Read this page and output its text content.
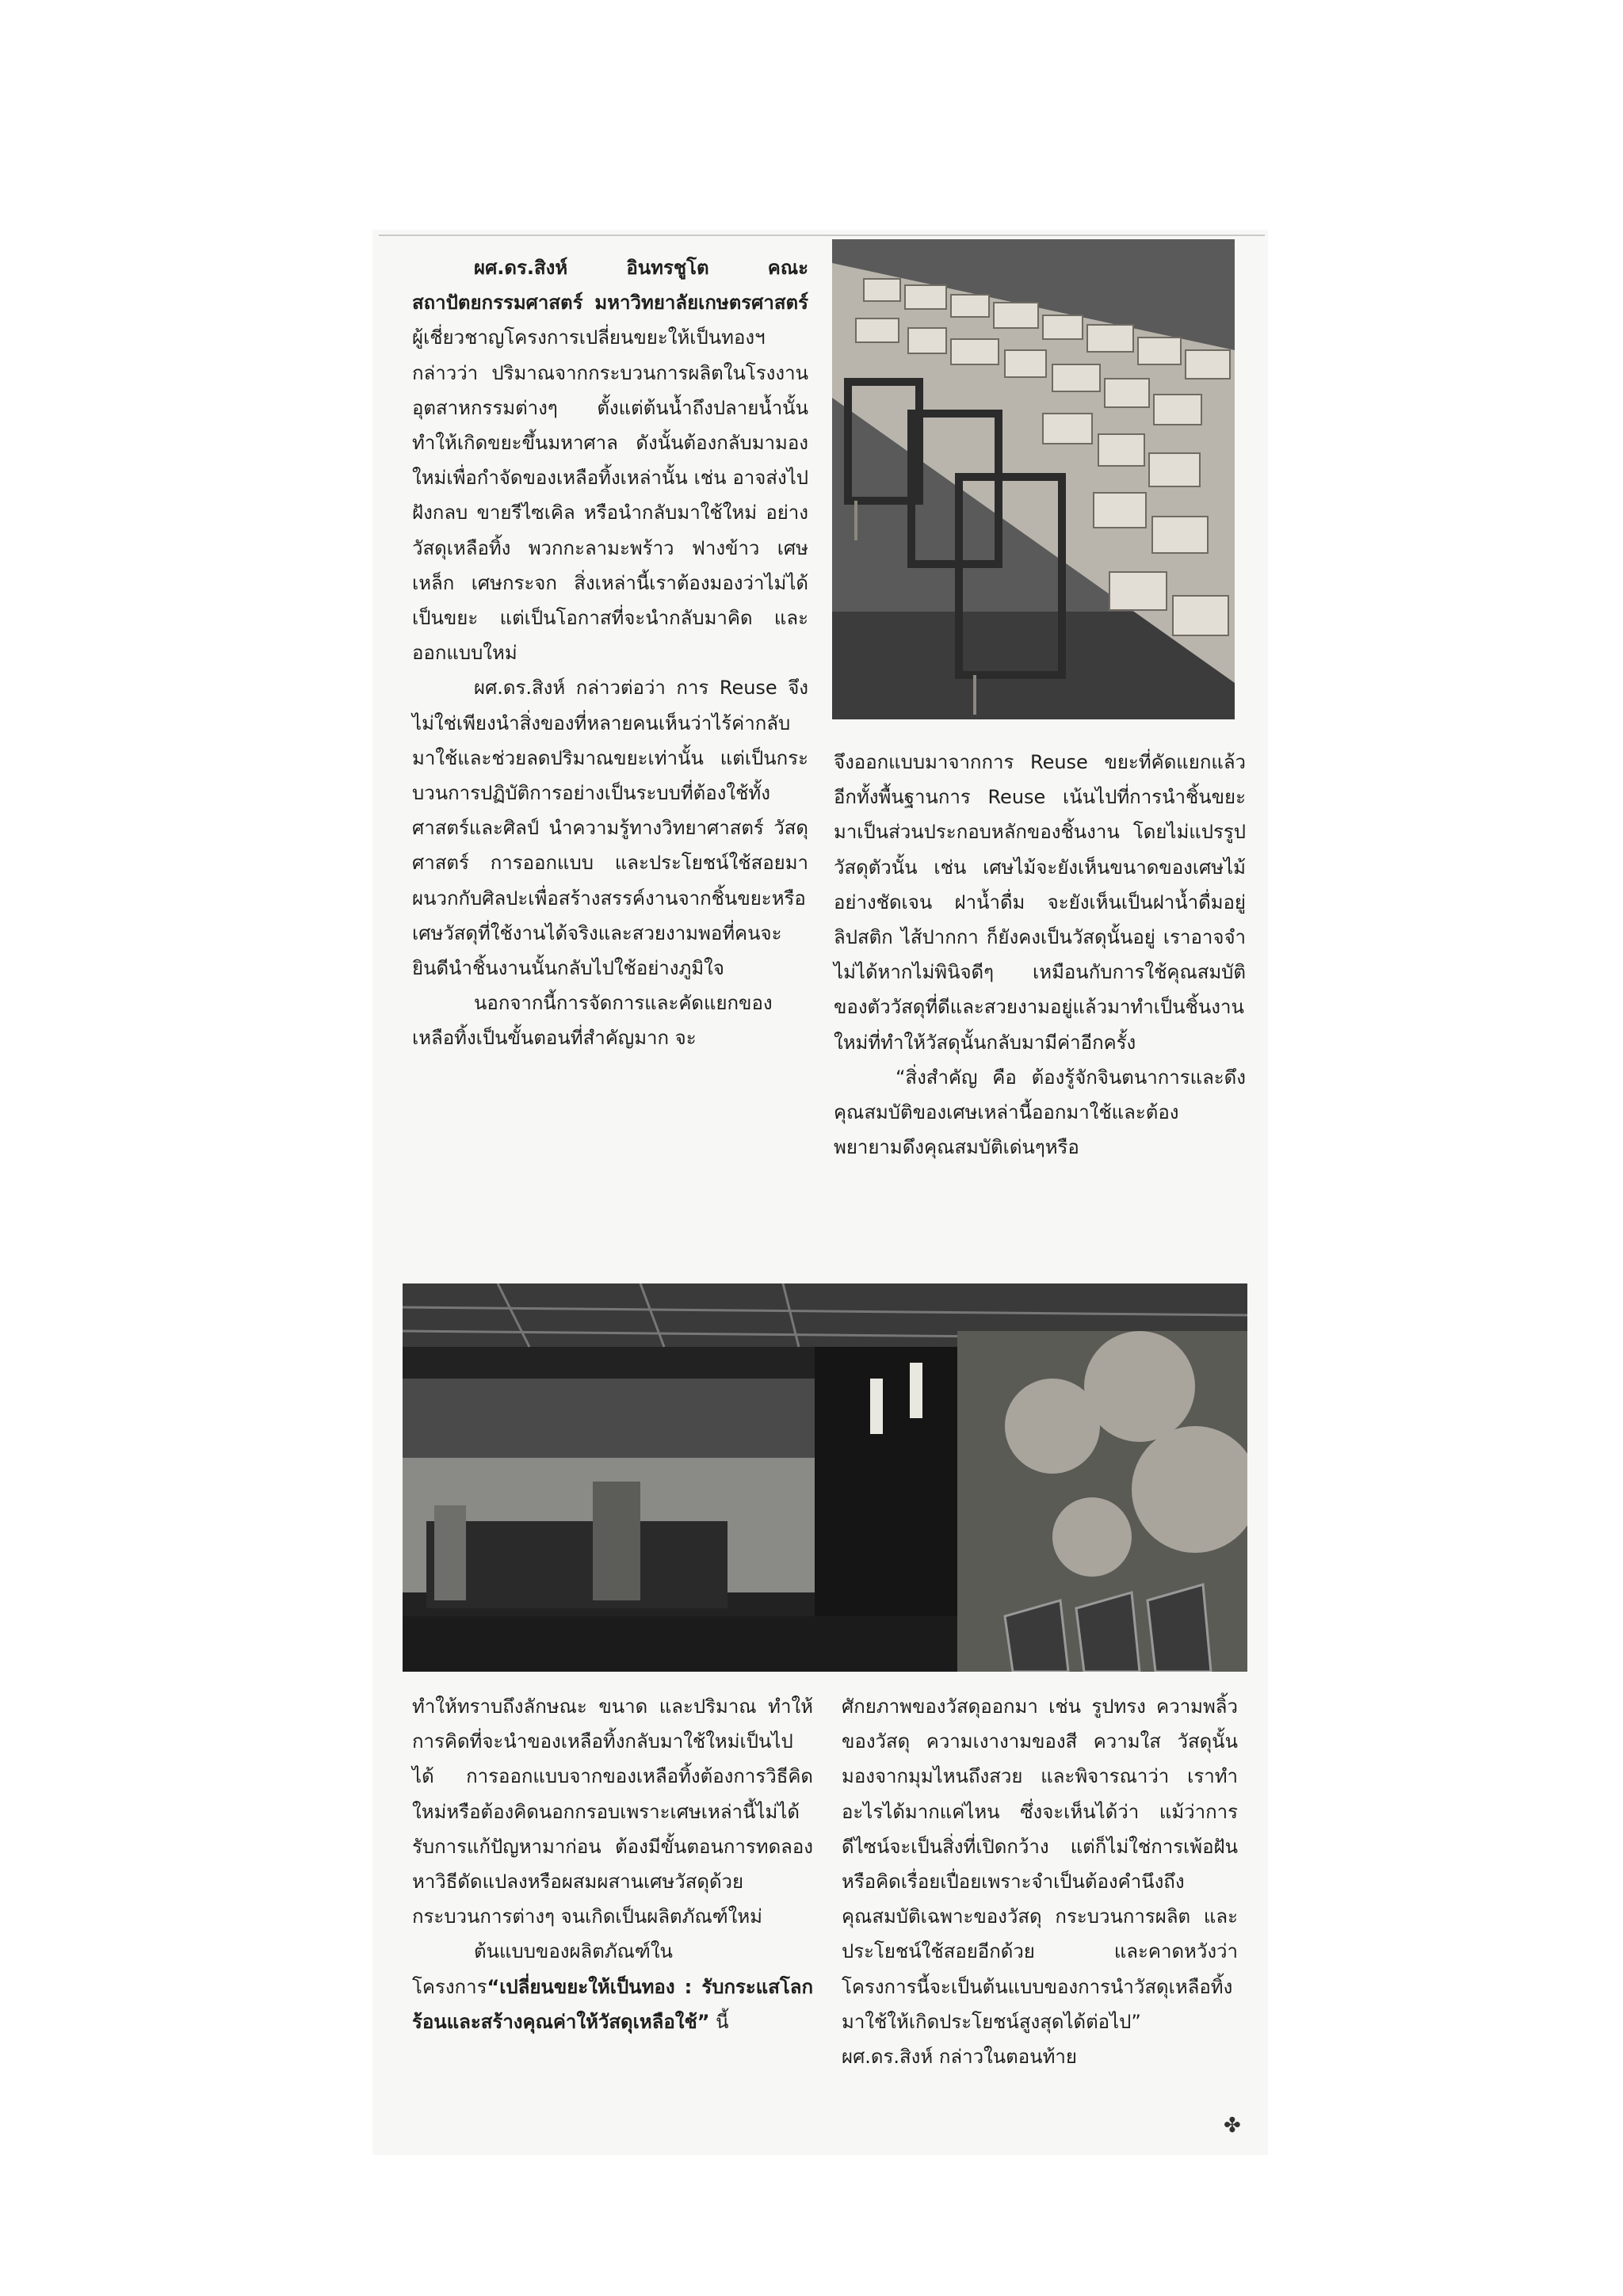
ผศ.ดร.สิงห์ อินทรชูโต คณะสถาปัตยกรรมศาสตร์ มหาวิทยาลัยเกษตรศาสตร์ ผู้เชี่ยวชาญโครงการเปลี่ยนขยะให้เป็นทองฯ กล่าวว่า ปริมาณจากกระบวนการผลิตในโรงงานอุตสาหกรรมต่างๆ ตั้งแต่ต้นน้ำถึงปลายน้ำนั้นทำให้เกิดขยะขึ้นมหาศาล ดังนั้นต้องกลับมามองใหม่เพื่อกำจัดของเหลือทิ้งเหล่านั้น เช่น อาจส่งไปฝังกลบ ขายรีไซเคิล หรือนำกลับมาใช้ใหม่ อย่างวัสดุเหลือทิ้ง พวกกะลามะพร้าว ฟางข้าว เศษเหล็ก เศษกระจก สิ่งเหล่านี้เราต้องมองว่าไม่ได้เป็นขยะ แต่เป็นโอกาสที่จะนำกลับมาคิด และออกแบบใหม่

ผศ.ดร.สิงห์ กล่าวต่อว่า การ Reuse จึงไม่ใช่เพียงนำสิ่งของที่หลายคนเห็นว่าไร้ค่ากลับมาใช้และช่วยลดปริมาณขยะเท่านั้น แต่เป็นกระบวนการปฏิบัติการอย่างเป็นระบบที่ต้องใช้ทั้งศาสตร์และศิลป์ นำความรู้ทางวิทยาศาสตร์ วัสดุศาสตร์ การออกแบบ และประโยชน์ใช้สอยมาผนวกกับศิลปะเพื่อสร้างสรรค์งานจากชิ้นขยะหรือเศษวัสดุที่ใช้งานได้จริงและสวยงามพอที่คนจะยินดีนำชิ้นงานนั้นกลับไปใช้อย่างภูมิใจ

นอกจากนี้การจัดการและคัดแยกของเหลือทิ้งเป็นขั้นตอนที่สำคัญมาก จะ

จึงออกแบบมาจากการ Reuse ขยะที่คัดแยกแล้ว อีกทั้งพื้นฐานการ Reuse เน้นไปที่การนำชิ้นขยะมาเป็นส่วนประกอบหลักของชิ้นงาน โดยไม่แปรรูปวัสดุตัวนั้น เช่น เศษไม้จะยังเห็นขนาดของเศษไม้อย่างชัดเจน ฝาน้ำดื่ม จะยังเห็นเป็นฝาน้ำดื่มอยู่ ลิปสติก ไส้ปากกา ก็ยังคงเป็นวัสดุนั้นอยู่ เราอาจจำไม่ได้หากไม่พินิจดีๆ เหมือนกับการใช้คุณสมบัติของตัววัสดุที่ดีและสวยงามอยู่แล้วมาทำเป็นชิ้นงานใหม่ที่ทำให้วัสดุนั้นกลับมามีค่าอีกครั้ง

“สิ่งสำคัญ คือ ต้องรู้จักจินตนาการและดึงคุณสมบัติของเศษเหล่านี้ออกมาใช้และต้องพยายามดึงคุณสมบัติเด่นๆหรือ

ทำให้ทราบถึงลักษณะ ขนาด และปริมาณ ทำให้การคิดที่จะนำของเหลือทิ้งกลับมาใช้ใหม่เป็นไปได้ การออกแบบจากของเหลือทิ้งต้องการวิธีคิดใหม่หรือต้องคิดนอกกรอบเพราะเศษเหล่านี้ไม่ได้รับการแก้ปัญหามาก่อน ต้องมีขั้นตอนการทดลองหาวิธีดัดแปลงหรือผสมผสานเศษวัสดุด้วยกระบวนการต่างๆ จนเกิดเป็นผลิตภัณฑ์ใหม่

ต้นแบบของผลิตภัณฑ์ในโครงการ“เปลี่ยนขยะให้เป็นทอง : รับกระแสโลกร้อนและสร้างคุณค่าให้วัสดุเหลือใช้” นี้

ศักยภาพของวัสดุออกมา เช่น รูปทรง ความพลิ้วของวัสดุ ความเงางามของสี ความใส วัสดุนั้นมองจากมุมไหนถึงสวย และพิจารณาว่า เราทำอะไรได้มากแค่ไหน ซึ่งจะเห็นได้ว่า แม้ว่าการดีไซน์จะเป็นสิ่งที่เปิดกว้าง แต่ก็ไม่ใช่การเพ้อฝันหรือคิดเรื่อยเปื่อยเพราะจำเป็นต้องคำนึงถึงคุณสมบัติเฉพาะของวัสดุ กระบวนการผลิต และประโยชน์ใช้สอยอีกด้วย และคาดหวังว่าโครงการนี้จะเป็นต้นแบบของการนำวัสดุเหลือทิ้งมาใช้ให้เกิดประโยชน์สูงสุดได้ต่อไป” ผศ.ดร.สิงห์ กล่าวในตอนท้าย

✤
